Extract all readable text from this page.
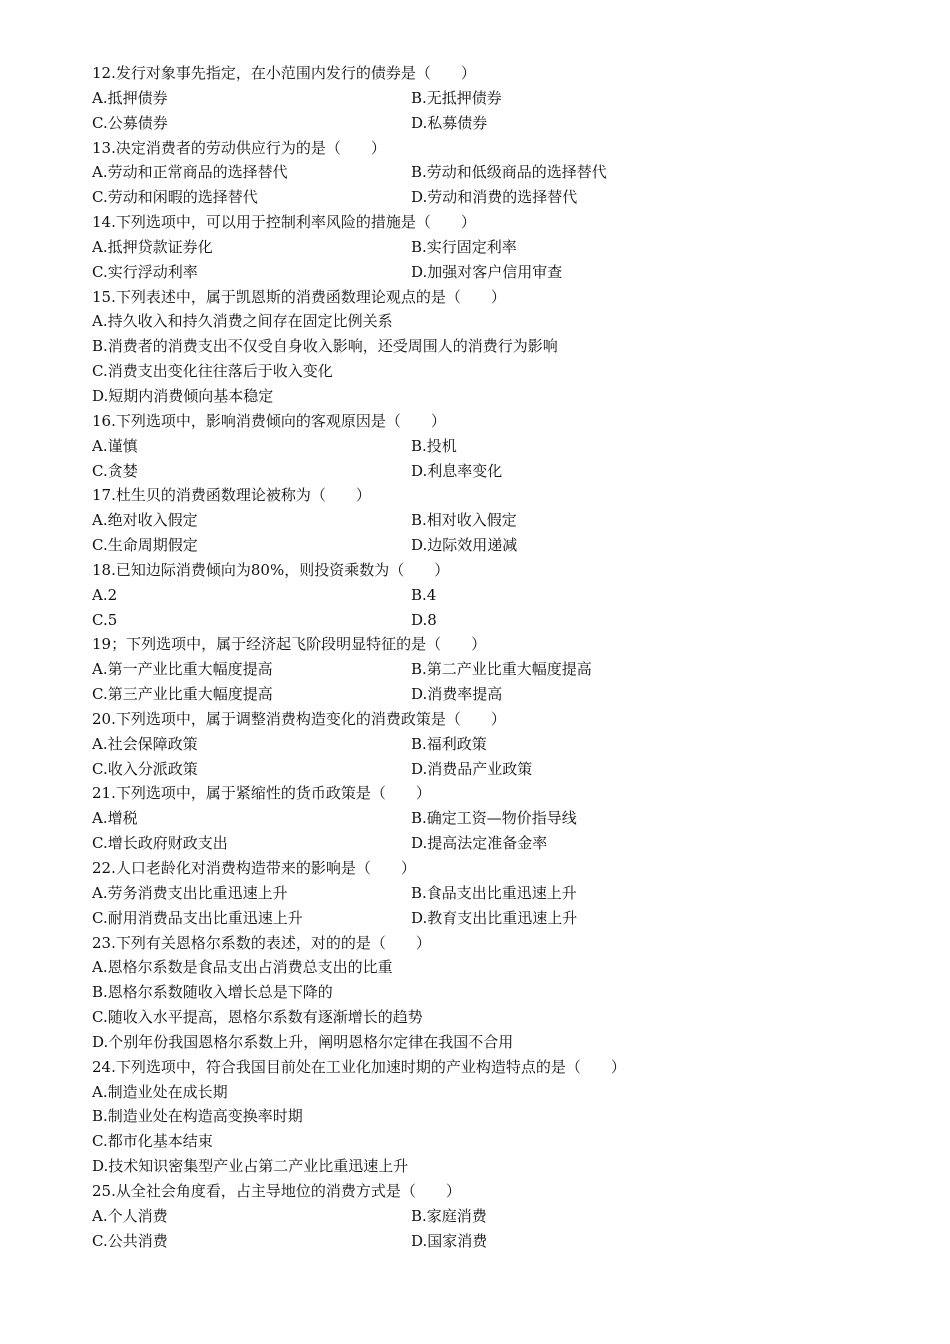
12.发行对象事先指定，在小范围内发行的债券是（　　）
A.抵押债券	B.无抵押债券
C.公募债券	D.私募债券
13.决定消费者的劳动供应行为的是（　　）
A.劳动和正常商品的选择替代	B.劳动和低级商品的选择替代
C.劳动和闲暇的选择替代	D.劳动和消费的选择替代
14.下列选项中，可以用于控制利率风险的措施是（　　）
A.抵押贷款证券化	B.实行固定利率
C.实行浮动利率	D.加强对客户信用审查
15.下列表述中，属于凯恩斯的消费函数理论观点的是（　　）
A.持久收入和持久消费之间存在固定比例关系
B.消费者的消费支出不仅受自身收入影响，还受周围人的消费行为影响
C.消费支出变化往往落后于收入变化
D.短期内消费倾向基本稳定
16.下列选项中，影响消费倾向的客观原因是（　　）
A.谨慎	B.投机
C.贪婪	D.利息率变化
17.杜生贝的消费函数理论被称为（　　）
A.绝对收入假定	B.相对收入假定
C.生命周期假定	D.边际效用递减
18.已知边际消费倾向为80%，则投资乘数为（　　）
A.2	B.4
C.5	D.8
19；下列选项中，属于经济起飞阶段明显特征的是（　　）
A.第一产业比重大幅度提高	B.第二产业比重大幅度提高
C.第三产业比重大幅度提高	D.消费率提高
20.下列选项中，属于调整消费构造变化的消费政策是（　　）
A.社会保障政策	B.福利政策
C.收入分派政策	D.消费品产业政策
21.下列选项中，属于紧缩性的货币政策是（　　）
A.增税	B.确定工资—物价指导线
C.增长政府财政支出	D.提高法定准备金率
22.人口老龄化对消费构造带来的影响是（　　）
A.劳务消费支出比重迅速上升	B.食品支出比重迅速上升
C.耐用消费品支出比重迅速上升	D.教育支出比重迅速上升
23.下列有关恩格尔系数的表述，对的的是（　　）
A.恩格尔系数是食品支出占消费总支出的比重
B.恩格尔系数随收入增长总是下降的
C.随收入水平提高，恩格尔系数有逐渐增长的趋势
D.个别年份我国恩格尔系数上升，阐明恩格尔定律在我国不合用
24.下列选项中，符合我国目前处在工业化加速时期的产业构造特点的是（　　）
A.制造业处在成长期
B.制造业处在构造高变换率时期
C.都市化基本结束
D.技术知识密集型产业占第二产业比重迅速上升
25.从全社会角度看，占主导地位的消费方式是（　　）
A.个人消费	B.家庭消费
C.公共消费	D.国家消费
